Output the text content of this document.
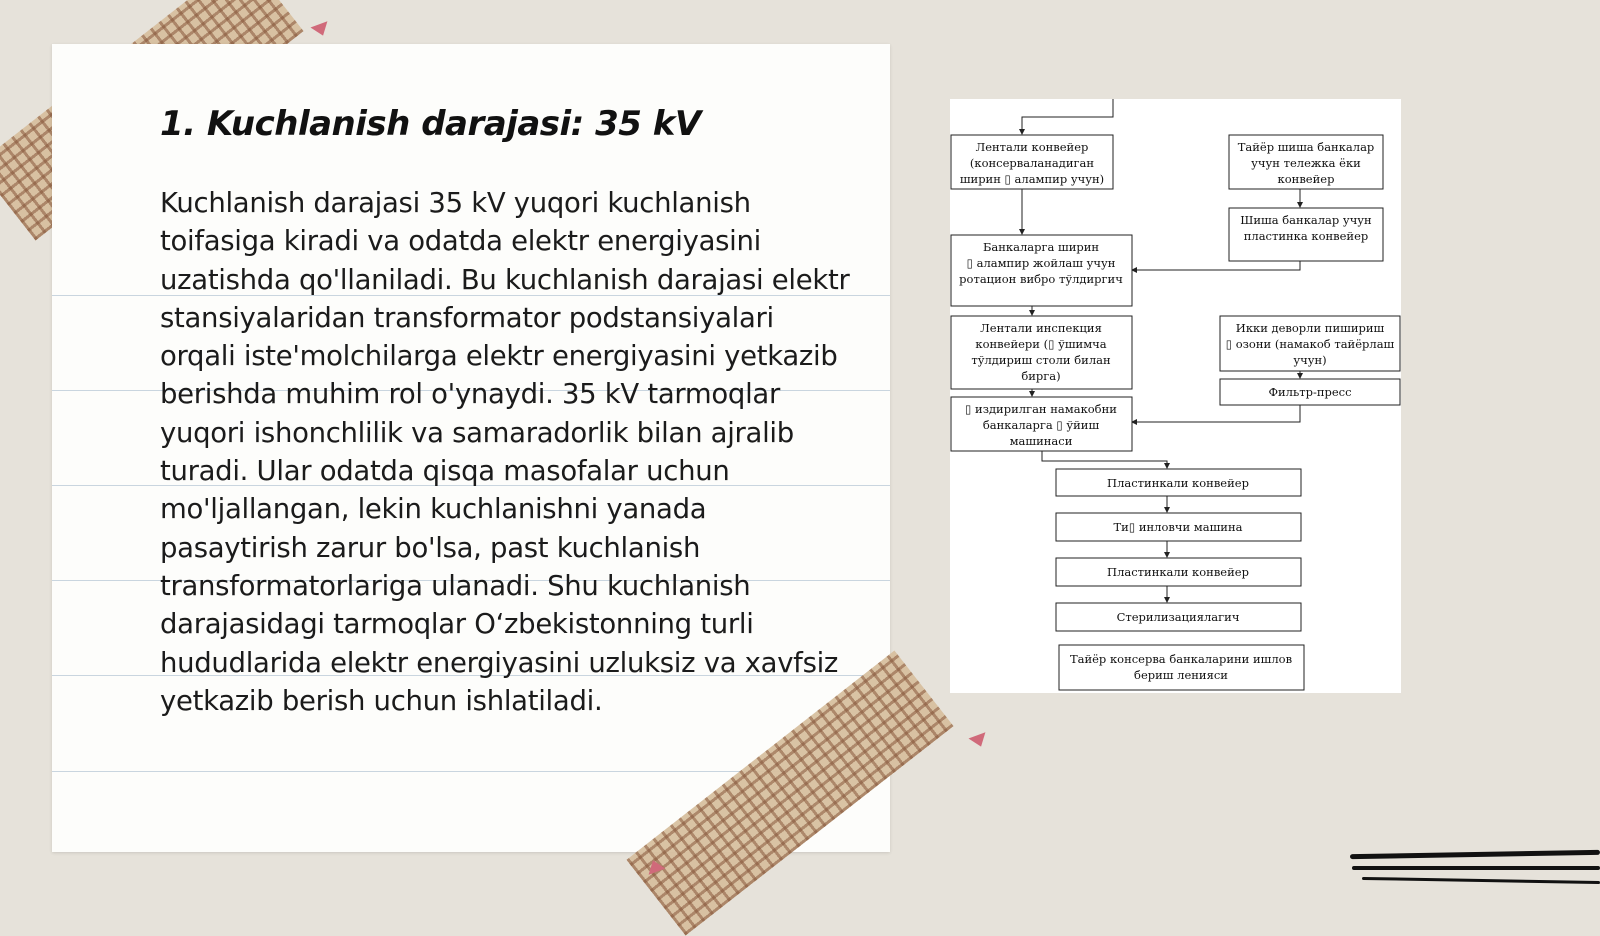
1. Kuchlanish darajasi: 35 kV

Kuchlanish darajasi 35 kV yuqori kuchlanish toifasiga kiradi va odatda elektr energiyasini uzatishda qo'llaniladi. Bu kuchlanish darajasi elektr stansiyalaridan transformator podstansiyalari orqali iste'molchilarga elektr energiyasini yetkazib berishda muhim rol o'ynaydi. 35 kV tarmoqlar yuqori ishonchlilik va samaradorlik bilan ajralib turadi. Ular odatda qisqa masofalar uchun mo'ljallangan, lekin kuchlanishni yanada pasaytirish zarur bo'lsa, past kuchlanish transformatorlariga ulanadi. Shu kuchlanish darajasidagi tarmoqlar O‘zbekistonning turli hududlarida elektr energiyasini uzluksiz va xavfsiz yetkazib berish uchun ishlatiladi.

Лентали конвейер
(консерваланадиган
ширин ▯ алампир учун)
Тайёр шиша банкалар
учун тележка ёки
конвейер
Шиша банкалар учун
пластинка конвейер
Банкаларга ширин
▯ алампир жойлаш учун
ротацион вибро тўлдиргич
Лентали инспекция
конвейери (▯ ўшимча
тўлдириш столи билан
бирга)
Икки деворли пишириш
▯ озони (намакоб тайёрлаш
учун)
Фильтр-пресс
▯ издирилган намакобни
банкаларга ▯ ўйиш
машинаси
Пластинкали конвейер
Ти▯ инловчи машина
Пластинкали конвейер
Стерилизациялагич
Тайёр консерва банкаларини ишлов
бериш ленияси
